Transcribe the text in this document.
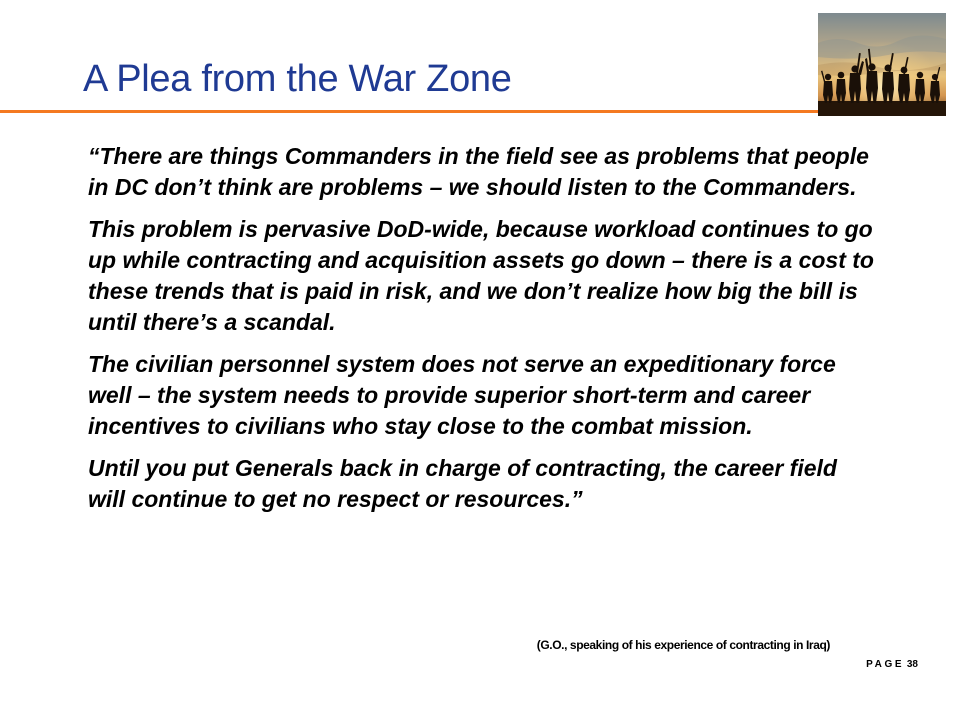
A Plea from the War Zone

“There are things Commanders in the field see as problems that people in DC don’t think are problems – we should listen to the Commanders.

This problem is pervasive DoD-wide, because workload continues to go up while contracting and acquisition assets go down – there is a cost to these trends that is paid in risk, and we don’t realize how big the bill is until there’s a scandal.

The civilian personnel system does not serve an expeditionary force well – the system needs to provide superior short-term and career incentives to civilians who stay close to the combat mission.

Until you put Generals back in charge of contracting, the career field will continue to get no respect or resources.”

(G.O., speaking of his experience of contracting in Iraq)

PAGE 38
